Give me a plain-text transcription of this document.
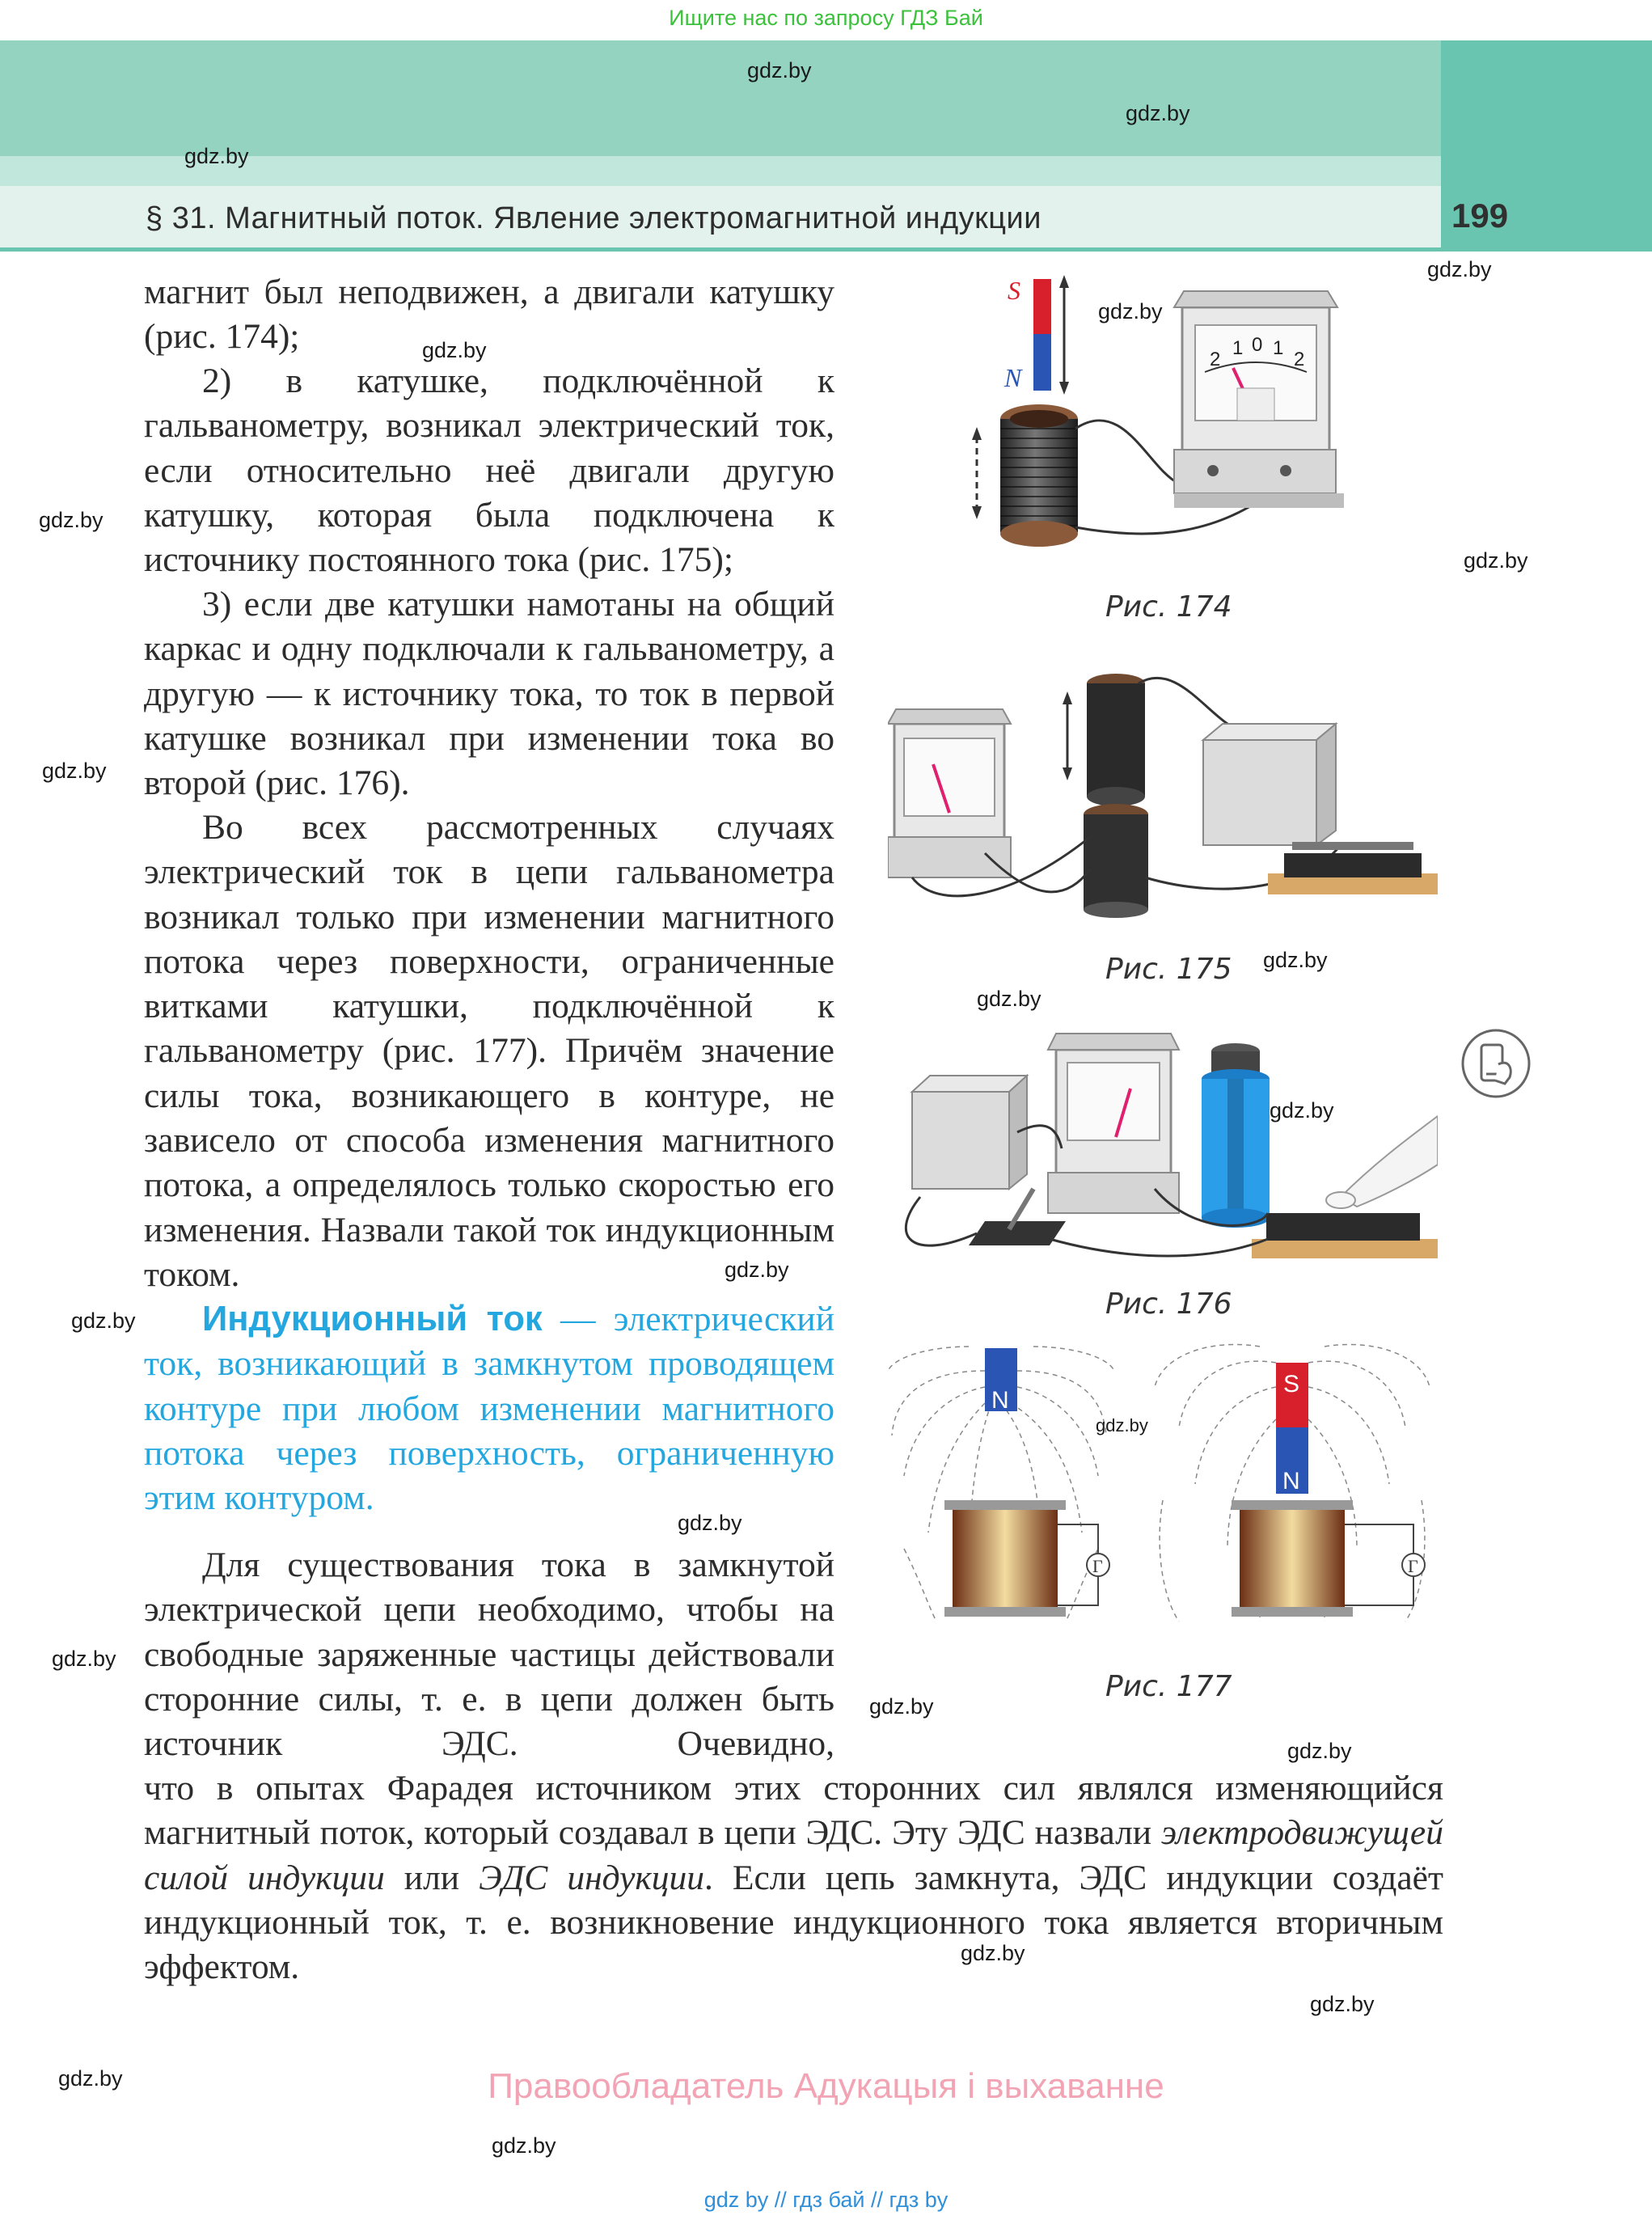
Ищите нас по запросу ГДЗ Бай
§ 31. Магнитный поток. Явление электромагнитной индукции	199

магнит был неподвижен, а двигали катушку (рис. 174);

2) в катушке, подключённой к гальванометру, возникал электрический ток, если относительно неё двигали другую катушку, которая была подключена к источнику постоянного тока (рис. 175);

3) если две катушки намотаны на общий каркас и одну подключали к гальванометру, а другую — к источнику тока, то ток в первой катушке возникал при изменении тока во второй (рис. 176).

Во всех рассмотренных случаях электрический ток в цепи гальванометра возникал только при изменении магнитного потока через поверхности, ограниченные витками катушки, подключённой к гальванометру (рис. 177). Причём значение силы тока, возникающего в контуре, не зависело от способа изменения магнитного потока, а определялось только скоростью его изменения. Назвали такой ток индукционным током.

Индукционный ток — электрический ток, возникающий в замкнутом проводящем контуре при любом изменении магнитного потока через поверхность, ограниченную этим контуром.

Для существования тока в замкнутой электрической цепи необходимо, чтобы на свободные заряженные частицы действовали сторонние силы, т. е. в цепи должен быть источник ЭДС. Очевидно,

что в опытах Фарадея источником этих сторонних сил являлся изменяющийся магнитный поток, который создавал в цепи ЭДС. Эту ЭДС назвали электродвижущей силой индукции или ЭДС индукции. Если цепь замкнута, ЭДС индукции создаёт индукционный ток, т. е. возникновение индукционного тока является вторичным эффектом.

S
N
2
1 0 1
2
Рис. 174
Рис. 175
Рис. 176
N
Г
S
N
Г
Рис. 177
gdz.by
gdz.by
gdz.by
gdz.by
gdz.by
gdz.by
gdz.by
gdz.by
gdz.by
gdz.by
gdz.by
gdz.by
gdz.by
gdz.by
gdz.by
gdz.by
gdz.by
gdz.by
gdz.by
gdz.by
gdz.by
gdz.by
gdz.by
Правообладатель Адукацыя і выхаванне
gdz by // гдз бай // гдз by
